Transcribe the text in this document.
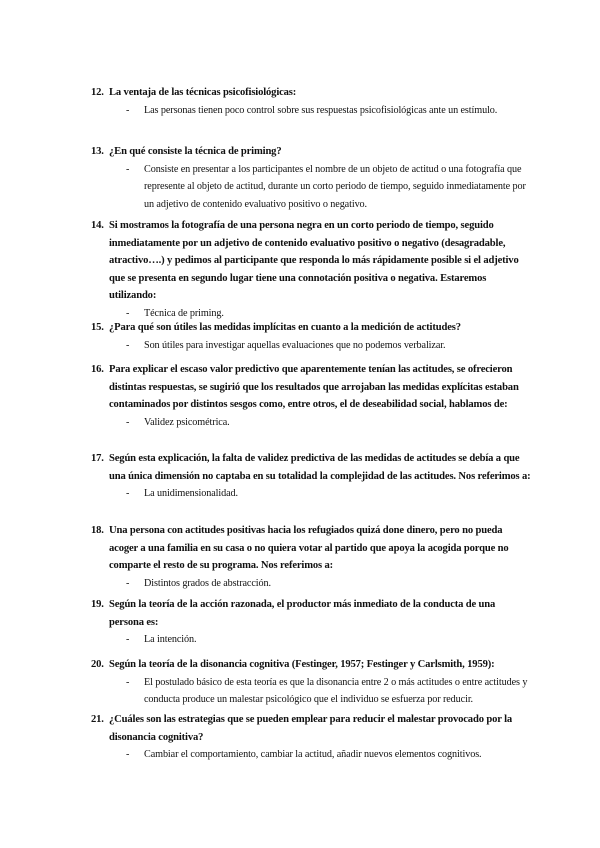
12. La ventaja de las técnicas psicofisiológicas:
-	Las personas tienen poco control sobre sus respuestas psicofisiológicas ante un estímulo.
13. ¿En qué consiste la técnica de priming?
-	Consiste en presentar a los participantes el nombre de un objeto de actitud o una fotografía que represente al objeto de actitud, durante un corto periodo de tiempo, seguido inmediatamente por un adjetivo de contenido evaluativo positivo o negativo.
14. Si mostramos la fotografía de una persona negra en un corto periodo de tiempo, seguido inmediatamente por un adjetivo de contenido evaluativo positivo o negativo (desagradable, atractivo….) y pedimos al participante que responda lo más rápidamente posible si el adjetivo que se presenta en segundo lugar tiene una connotación positiva o negativa. Estaremos utilizando:
-	Técnica de priming.
15. ¿Para qué son útiles las medidas implícitas en cuanto a la medición de actitudes?
-	Son útiles para investigar aquellas evaluaciones que no podemos verbalizar.
16. Para explicar el escaso valor predictivo que aparentemente tenían las actitudes, se ofrecieron distintas respuestas, se sugirió que los resultados que arrojaban las medidas explícitas estaban contaminados por distintos sesgos como, entre otros, el de deseabilidad social, hablamos de:
-	Validez psicométrica.
17. Según esta explicación, la falta de validez predictiva de las medidas de actitudes se debía a que una única dimensión no captaba en su totalidad la complejidad de las actitudes. Nos referimos a:
-	La unidimensionalidad.
18. Una persona con actitudes positivas hacia los refugiados quizá done dinero, pero no pueda acoger a una familia en su casa o no quiera votar al partido que apoya la acogida porque no comparte el resto de su programa. Nos referimos a:
-	Distintos grados de abstracción.
19. Según la teoría de la acción razonada, el productor más inmediato de la conducta de una persona es:
-	La intención.
20. Según la teoría de la disonancia cognitiva (Festinger, 1957; Festinger y Carlsmith, 1959):
-	El postulado básico de esta teoría es que la disonancia entre 2 o más actitudes o entre actitudes y conducta produce un malestar psicológico que el individuo se esfuerza por reducir.
21. ¿Cuáles son las estrategias que se pueden emplear para reducir el malestar provocado por la disonancia cognitiva?
-	Cambiar el comportamiento, cambiar la actitud, añadir nuevos elementos cognitivos.
